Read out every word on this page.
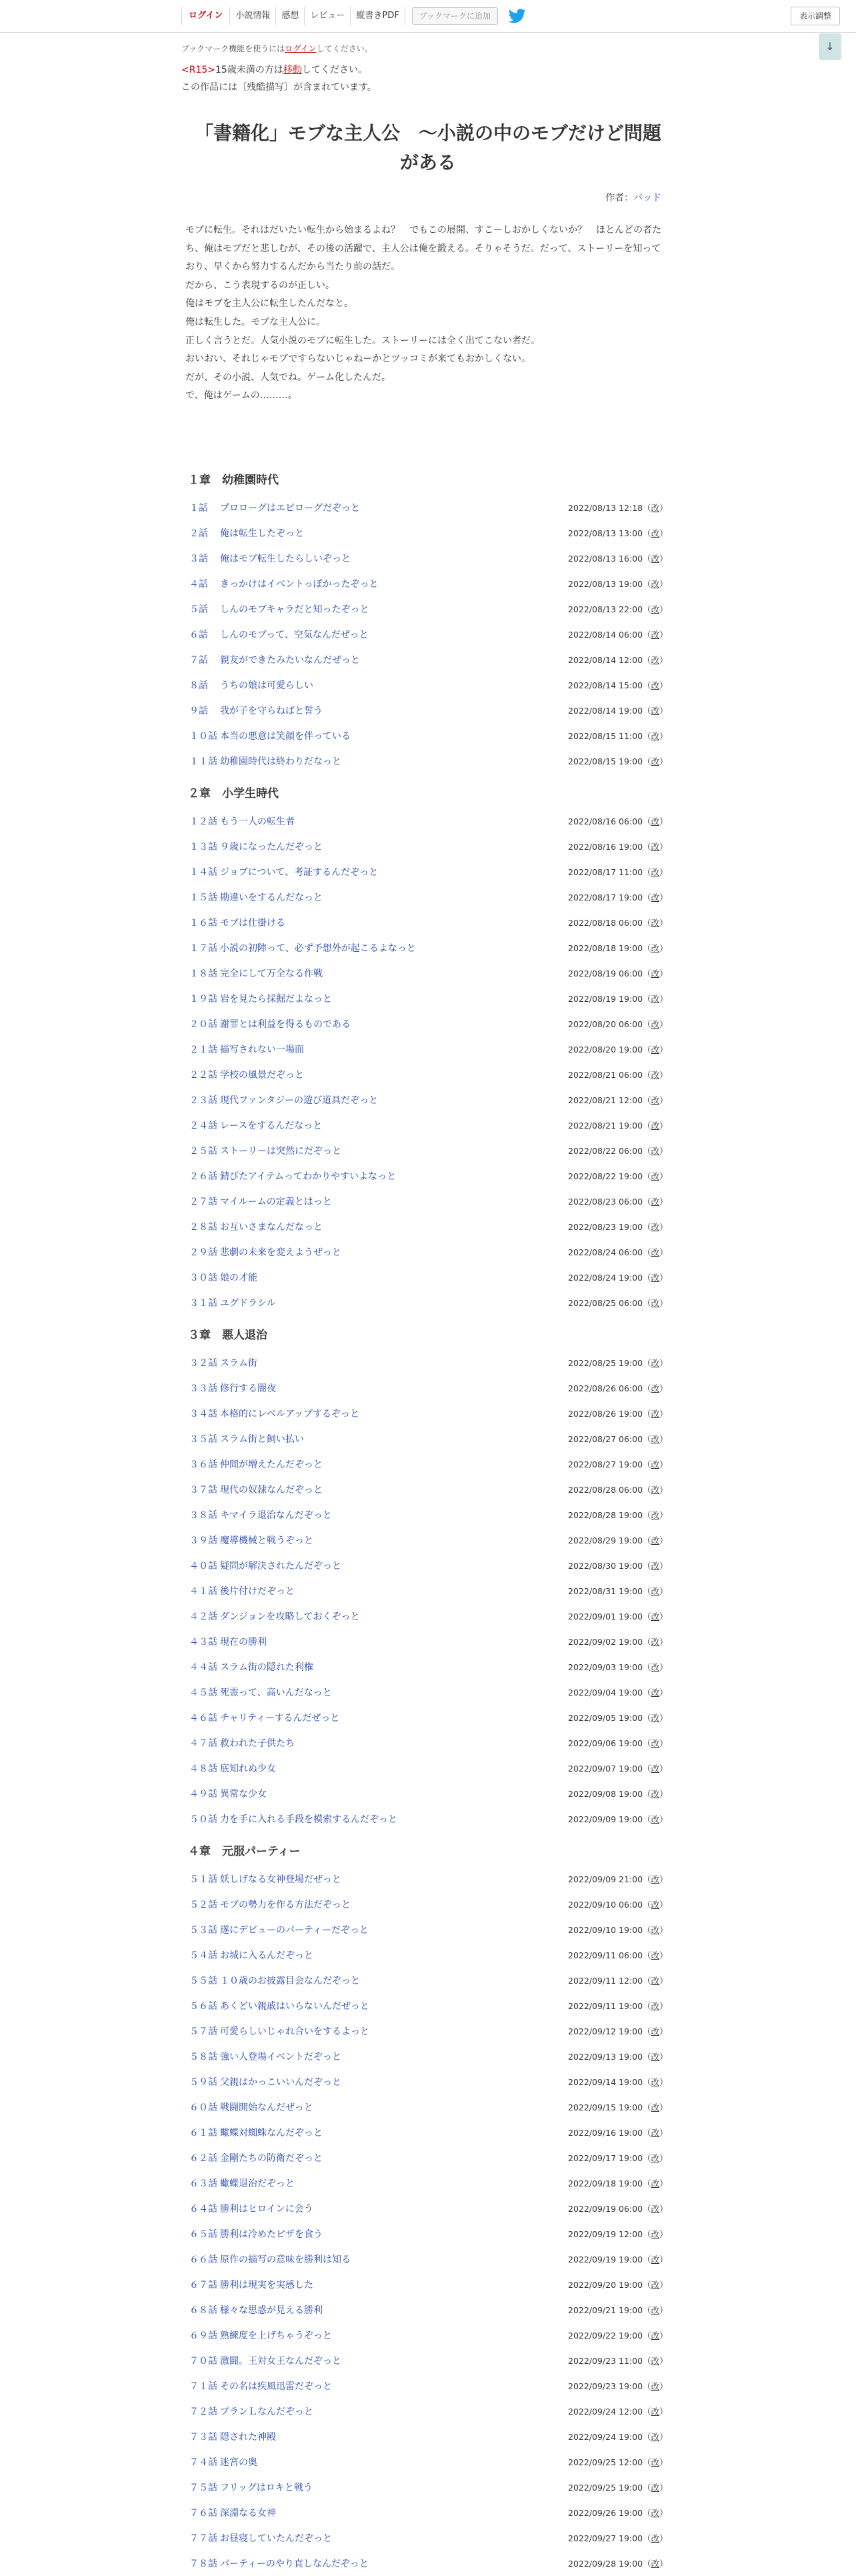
ログイン	小説情報	感想	レビュー	縦書きPDF	ブックマークに追加	表示調整
↓
ブックマーク機能を使うにはログインしてください。
<R15>15歳未満の方は移動してください。
この作品には〔残酷描写〕が含まれています。
「書籍化」モブな主人公　～小説の中のモブだけど問題がある
作者：バッド
モブに転生。それはだいたい転生から始まるよね？　でもこの展開、すこーしおかしくないか？　ほとんどの者たち、俺はモブだと悲しむが、その後の活躍で、主人公は俺を鍛える。そりゃそうだ。だって、ストーリーを知っており、早くから努力するんだから当たり前の話だ。
だから、こう表現するのが正しい。
俺はモブを主人公に転生したんだなと。
俺は転生した。モブな主人公に。
正しく言うとだ。人気小説のモブに転生した。ストーリーには全く出てこない者だ。
おいおい、それじゃモブですらないじゃねーかとツッコミが来てもおかしくない。
だが、その小説、人気でね。ゲーム化したんだ。
で、俺はゲームの………。
１章　幼稚園時代
１話 プロローグはエピローグだぞっと	2022/08/13 12:18（改）
２話 俺は転生したぞっと	2022/08/13 13:00（改）
３話 俺はモブ転生したらしいぞっと	2022/08/13 16:00（改）
４話 きっかけはイベントっぽかったぞっと	2022/08/13 19:00（改）
５話 しんのモブキャラだと知ったぞっと	2022/08/13 22:00（改）
６話 しんのモブって、空気なんだぜっと	2022/08/14 06:00（改）
７話 親友ができたみたいなんだぜっと	2022/08/14 12:00（改）
８話 うちの娘は可愛らしい	2022/08/14 15:00（改）
９話 我が子を守らねばと誓う	2022/08/14 19:00（改）
１０話 本当の悪意は笑顔を伴っている	2022/08/15 11:00（改）
１１話 幼稚園時代は終わりだなっと	2022/08/15 19:00（改）
２章　小学生時代
１２話 もう一人の転生者	2022/08/16 06:00（改）
１３話 ９歳になったんだぞっと	2022/08/16 19:00（改）
１４話 ジョブについて、考証するんだぞっと	2022/08/17 11:00（改）
１５話 勘違いをするんだなっと	2022/08/17 19:00（改）
１６話 モブは仕掛ける	2022/08/18 06:00（改）
１７話 小説の初陣って、必ず予想外が起こるよなっと	2022/08/18 19:00（改）
１８話 完全にして万全なる作戦	2022/08/19 06:00（改）
１９話 岩を見たら採掘だよなっと	2022/08/19 19:00（改）
２０話 謝罪とは利益を得るものである	2022/08/20 06:00（改）
２１話 描写されない一場面	2022/08/20 19:00（改）
２２話 学校の風景だぞっと	2022/08/21 06:00（改）
２３話 現代ファンタジーの遊び道具だぞっと	2022/08/21 12:00（改）
２４話 レースをするんだなっと	2022/08/21 19:00（改）
２５話 ストーリーは突然にだぞっと	2022/08/22 06:00（改）
２６話 錆びたアイテムってわかりやすいよなっと	2022/08/22 19:00（改）
２７話 マイルームの定義とはっと	2022/08/23 06:00（改）
２８話 お互いさまなんだなっと	2022/08/23 19:00（改）
２９話 悲劇の未来を変えようぜっと	2022/08/24 06:00（改）
３０話 娘の才能	2022/08/24 19:00（改）
３１話 ユグドラシル	2022/08/25 06:00（改）
３章　悪人退治
３２話 スラム街	2022/08/25 19:00（改）
３３話 修行する闇夜	2022/08/26 06:00（改）
３４話 本格的にレベルアップするぞっと	2022/08/26 19:00（改）
３５話 スラム街と飼い払い	2022/08/27 06:00（改）
３６話 仲間が増えたんだぞっと	2022/08/27 19:00（改）
３７話 現代の奴隷なんだぞっと	2022/08/28 06:00（改）
３８話 キマイラ退治なんだぞっと	2022/08/28 19:00（改）
３９話 魔導機械と戦うぞっと	2022/08/29 19:00（改）
４０話 疑問が解決されたんだぞっと	2022/08/30 19:00（改）
４１話 後片付けだぞっと	2022/08/31 19:00（改）
４２話 ダンジョンを攻略しておくぞっと	2022/09/01 19:00（改）
４３話 現在の勝利	2022/09/02 19:00（改）
４４話 スラム街の隠れた利権	2022/09/03 19:00（改）
４５話 死霊って、高いんだなっと	2022/09/04 19:00（改）
４６話 チャリティーするんだぜっと	2022/09/05 19:00（改）
４７話 救われた子供たち	2022/09/06 19:00（改）
４８話 底知れぬ少女	2022/09/07 19:00（改）
４９話 異常な少女	2022/09/08 19:00（改）
５０話 力を手に入れる手段を模索するんだぞっと	2022/09/09 19:00（改）
４章　元服パーティー
５１話 妖しげなる女神登場だぜっと	2022/09/09 21:00（改）
５２話 モブの勢力を作る方法だぞっと	2022/09/10 06:00（改）
５３話 遂にデビューのパーティーだぞっと	2022/09/10 19:00（改）
５４話 お城に入るんだぞっと	2022/09/11 06:00（改）
５５話 １０歳のお披露目会なんだぞっと	2022/09/11 12:00（改）
５６話 あくどい親戚はいらないんだぜっと	2022/09/11 19:00（改）
５７話 可愛らしいじゃれ合いをするよっと	2022/09/12 19:00（改）
５８話 強い人登場イベントだぞっと	2022/09/13 19:00（改）
５９話 父親はかっこいいんだぞっと	2022/09/14 19:00（改）
６０話 戦闘開始なんだぜっと	2022/09/15 19:00（改）
６１話 蠍蝶対蜘蛛なんだぞっと	2022/09/16 19:00（改）
６２話 金剛たちの防衛だぞっと	2022/09/17 19:00（改）
６３話 蠍蝶退治だぞっと	2022/09/18 19:00（改）
６４話 勝利はヒロインに会う	2022/09/19 06:00（改）
６５話 勝利は冷めたピザを食う	2022/09/19 12:00（改）
６６話 原作の描写の意味を勝利は知る	2022/09/19 19:00（改）
６７話 勝利は現実を実感した	2022/09/20 19:00（改）
６８話 様々な思惑が見える勝利	2022/09/21 19:00（改）
６９話 熟練度を上げちゃうぞっと	2022/09/22 19:00（改）
７０話 激闘。王対女王なんだぞっと	2022/09/23 11:00（改）
７１話 その名は疾風迅雷だぞっと	2022/09/23 19:00（改）
７２話 プランＬなんだぞっと	2022/09/24 12:00（改）
７３話 隠された神殿	2022/09/24 19:00（改）
７４話 迷宮の奥	2022/09/25 12:00（改）
７５話 フリッグはロキと戦う	2022/09/25 19:00（改）
７６話 深淵なる女神	2022/09/26 19:00（改）
７７話 お昼寝していたんだぞっと	2022/09/27 19:00（改）
７８話 パーティーのやり直しなんだぞっと	2022/09/28 19:00（改）
